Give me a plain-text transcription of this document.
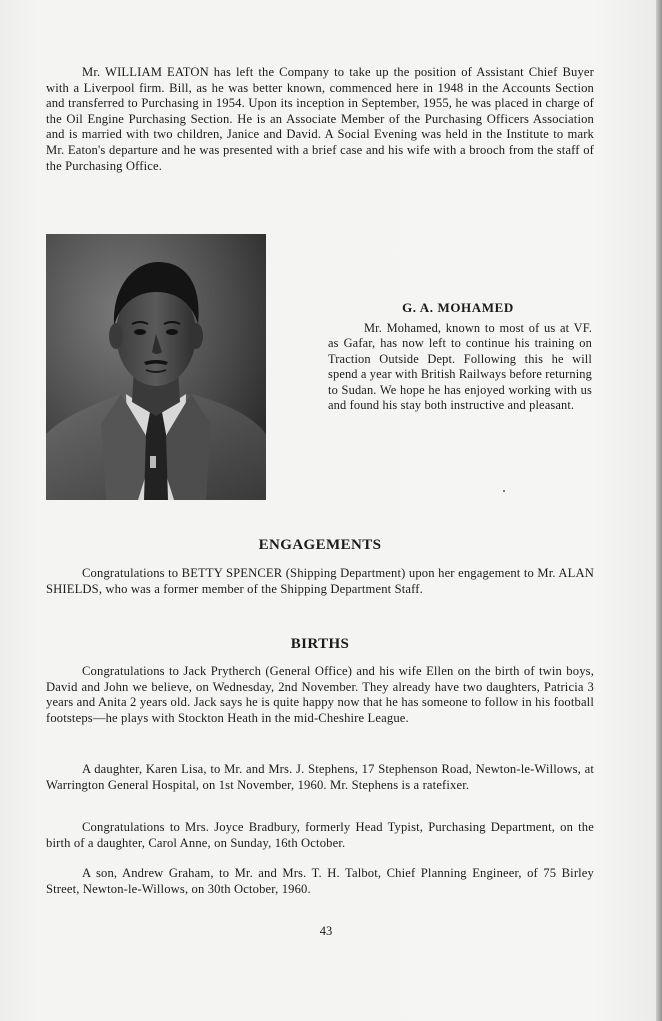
Mr. WILLIAM EATON has left the Company to take up the position of Assistant Chief Buyer with a Liverpool firm. Bill, as he was better known, commenced here in 1948 in the Accounts Section and transferred to Purchasing in 1954. Upon its inception in September, 1955, he was placed in charge of the Oil Engine Purchasing Section. He is an Associate Member of the Purchasing Officers Association and is married with two children, Janice and David. A Social Evening was held in the Institute to mark Mr. Eaton's departure and he was presented with a brief case and his wife with a brooch from the staff of the Purchasing Office.

G. A. MOHAMED

Mr. Mohamed, known to most of us at VF. as Gafar, has now left to continue his training on Traction Outside Dept. Following this he will spend a year with British Railways before returning to Sudan. We hope he has enjoyed working with us and found his stay both instructive and pleasant.

ENGAGEMENTS

Congratulations to BETTY SPENCER (Shipping Department) upon her engagement to Mr. ALAN SHIELDS, who was a former member of the Shipping Department Staff.

BIRTHS

Congratulations to Jack Prytherch (General Office) and his wife Ellen on the birth of twin boys, David and John we believe, on Wednesday, 2nd November. They already have two daughters, Patricia 3 years and Anita 2 years old. Jack says he is quite happy now that he has someone to follow in his football footsteps—he plays with Stockton Heath in the mid-Cheshire League.

A daughter, Karen Lisa, to Mr. and Mrs. J. Stephens, 17 Stephenson Road, Newton-le-Willows, at Warrington General Hospital, on 1st November, 1960. Mr. Stephens is a ratefixer.

Congratulations to Mrs. Joyce Bradbury, formerly Head Typist, Purchasing Department, on the birth of a daughter, Carol Anne, on Sunday, 16th October.

A son, Andrew Graham, to Mr. and Mrs. T. H. Talbot, Chief Planning Engineer, of 75 Birley Street, Newton-le-Willows, on 30th October, 1960.

43
